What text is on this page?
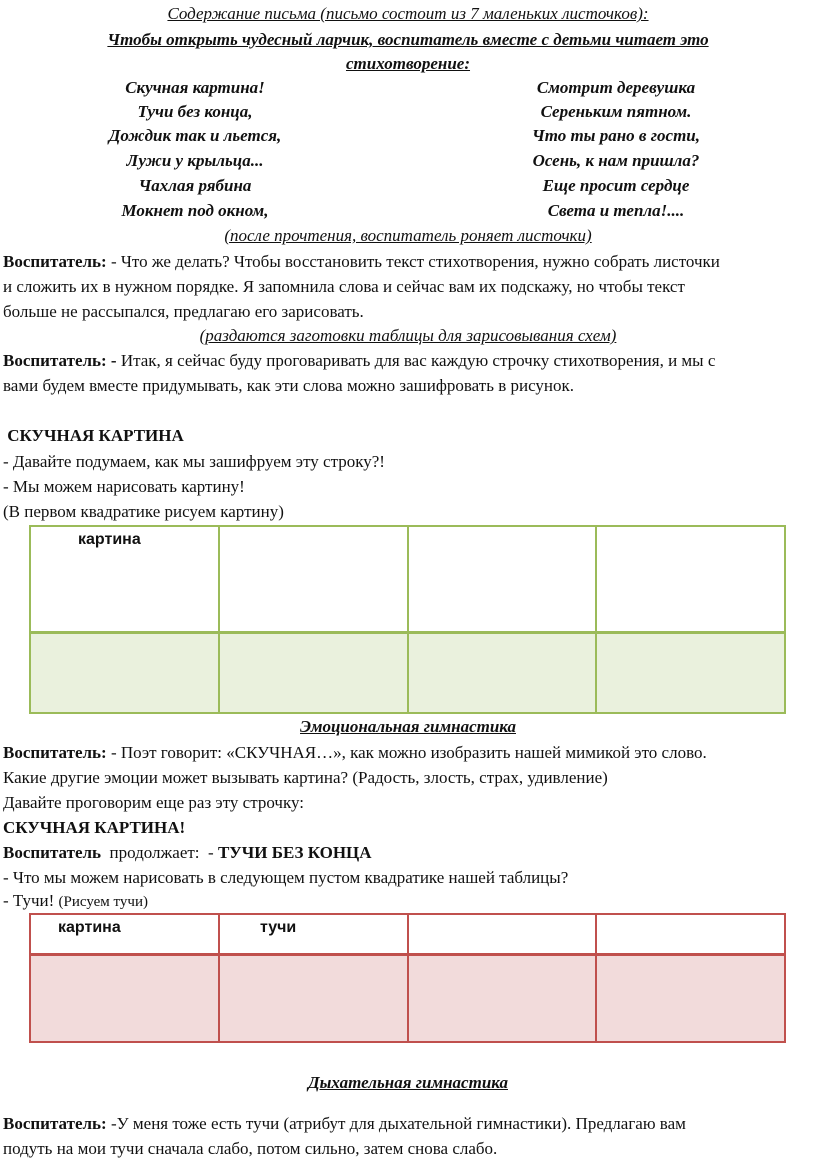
Содержание письма (письмо состоит из 7 маленьких листочков):
Чтобы открыть чудесный ларчик, воспитатель вместе с детьми читает это
стихотворение:
Скучная картина!
Тучи без конца,
Дождик так и льется,
Лужи у крыльца...
Чахлая рябина
Мокнет под окном,
Смотрит деревушка
Сереньким пятном.
Что ты рано в гости,
Осень, к нам пришла?
Еще просит сердце
Света и тепла!....
(после прочтения, воспитатель роняет листочки)
Воспитатель: - Что же делать? Чтобы восстановить текст стихотворения, нужно собрать листочки
и сложить их в нужном порядке. Я запомнила слова и сейчас вам их подскажу, но чтобы текст
больше не рассыпался, предлагаю его зарисовать.
(раздаются заготовки таблицы для зарисовывания схем)
Воспитатель: - Итак, я сейчас буду проговаривать для вас каждую строчку стихотворения, и мы с
вами будем вместе придумывать, как эти слова можно зашифровать в рисунок.
СКУЧНАЯ КАРТИНА
- Давайте подумаем, как мы зашифруем эту строку?!
- Мы можем нарисовать картину!
(В первом квадратике рисуем картину)
картина			

Эмоциональная гимнастика
Воспитатель: - Поэт говорит: «СКУЧНАЯ…», как можно изобразить нашей мимикой это слово.
Какие другие эмоции может вызывать картина? (Радость, злость, страх, удивление)
Давайте проговорим еще раз эту строчку:
СКУЧНАЯ КАРТИНА!
Воспитатель  продолжает:  - ТУЧИ БЕЗ КОНЦА
- Что мы можем нарисовать в следующем пустом квадратике нашей таблицы?
- Тучи! (Рисуем тучи)
картина	тучи		

Дыхательная гимнастика
Воспитатель: -У меня тоже есть тучи (атрибут для дыхательной гимнастики). Предлагаю вам
подуть на мои тучи сначала слабо, потом сильно, затем снова слабо.
